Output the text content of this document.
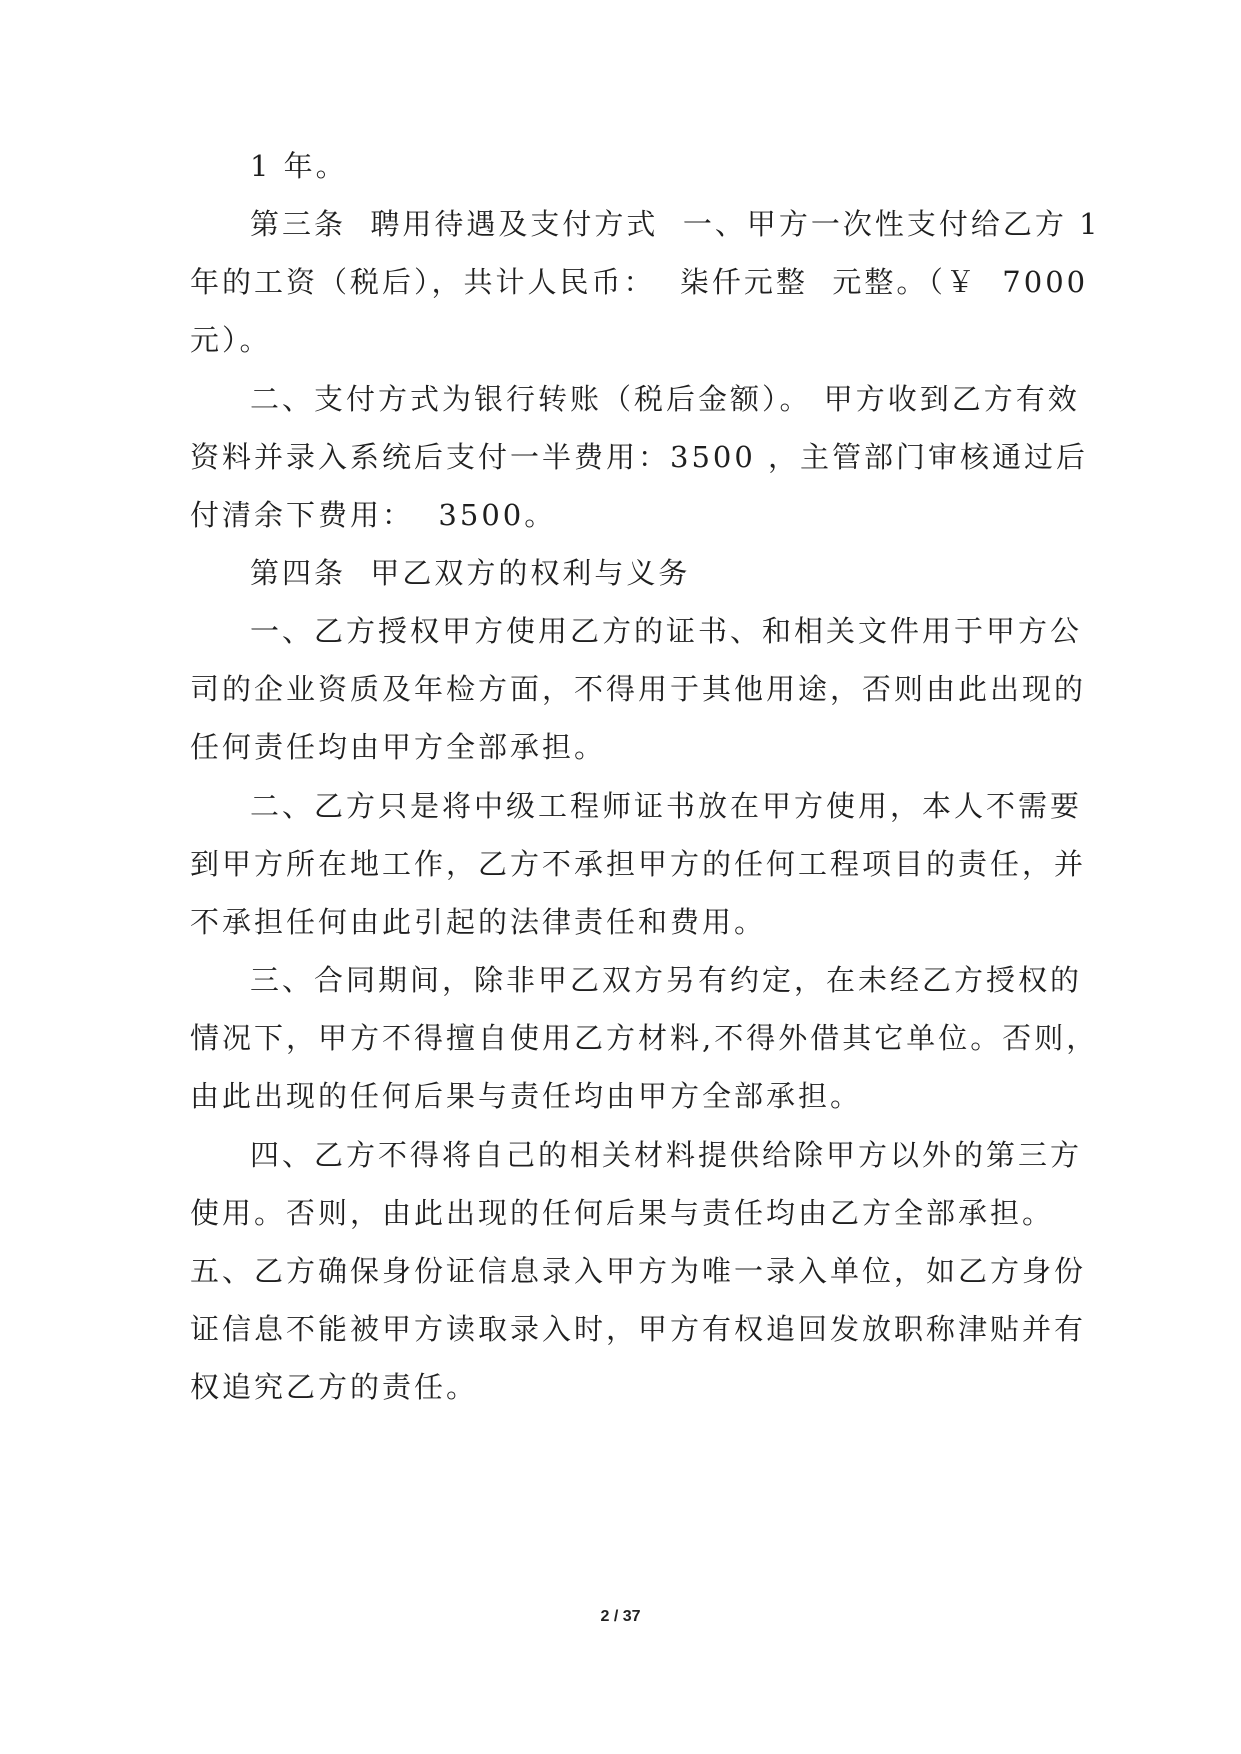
1 年。
第三条  聘用待遇及支付方式  一、甲方一次性支付给乙方 1
年的工资（税后），共计人民币：  柒仟元整  元整。（￥  7000
元）。
二、支付方式为银行转账（税后金额）。 甲方收到乙方有效
资料并录入系统后支付一半费用：3500 ，主管部门审核通过后
付清余下费用：  3500。
第四条  甲乙双方的权利与义务
一、乙方授权甲方使用乙方的证书、和相关文件用于甲方公
司的企业资质及年检方面，不得用于其他用途，否则由此出现的
任何责任均由甲方全部承担。
二、乙方只是将中级工程师证书放在甲方使用，本人不需要
到甲方所在地工作，乙方不承担甲方的任何工程项目的责任，并
不承担任何由此引起的法律责任和费用。
三、合同期间，除非甲乙双方另有约定，在未经乙方授权的
情况下，甲方不得擅自使用乙方材料,不得外借其它单位。否则，
由此出现的任何后果与责任均由甲方全部承担。
四、乙方不得将自己的相关材料提供给除甲方以外的第三方
使用。否则，由此出现的任何后果与责任均由乙方全部承担。
五、乙方确保身份证信息录入甲方为唯一录入单位，如乙方身份
证信息不能被甲方读取录入时，甲方有权追回发放职称津贴并有
权追究乙方的责任。
2 / 37
